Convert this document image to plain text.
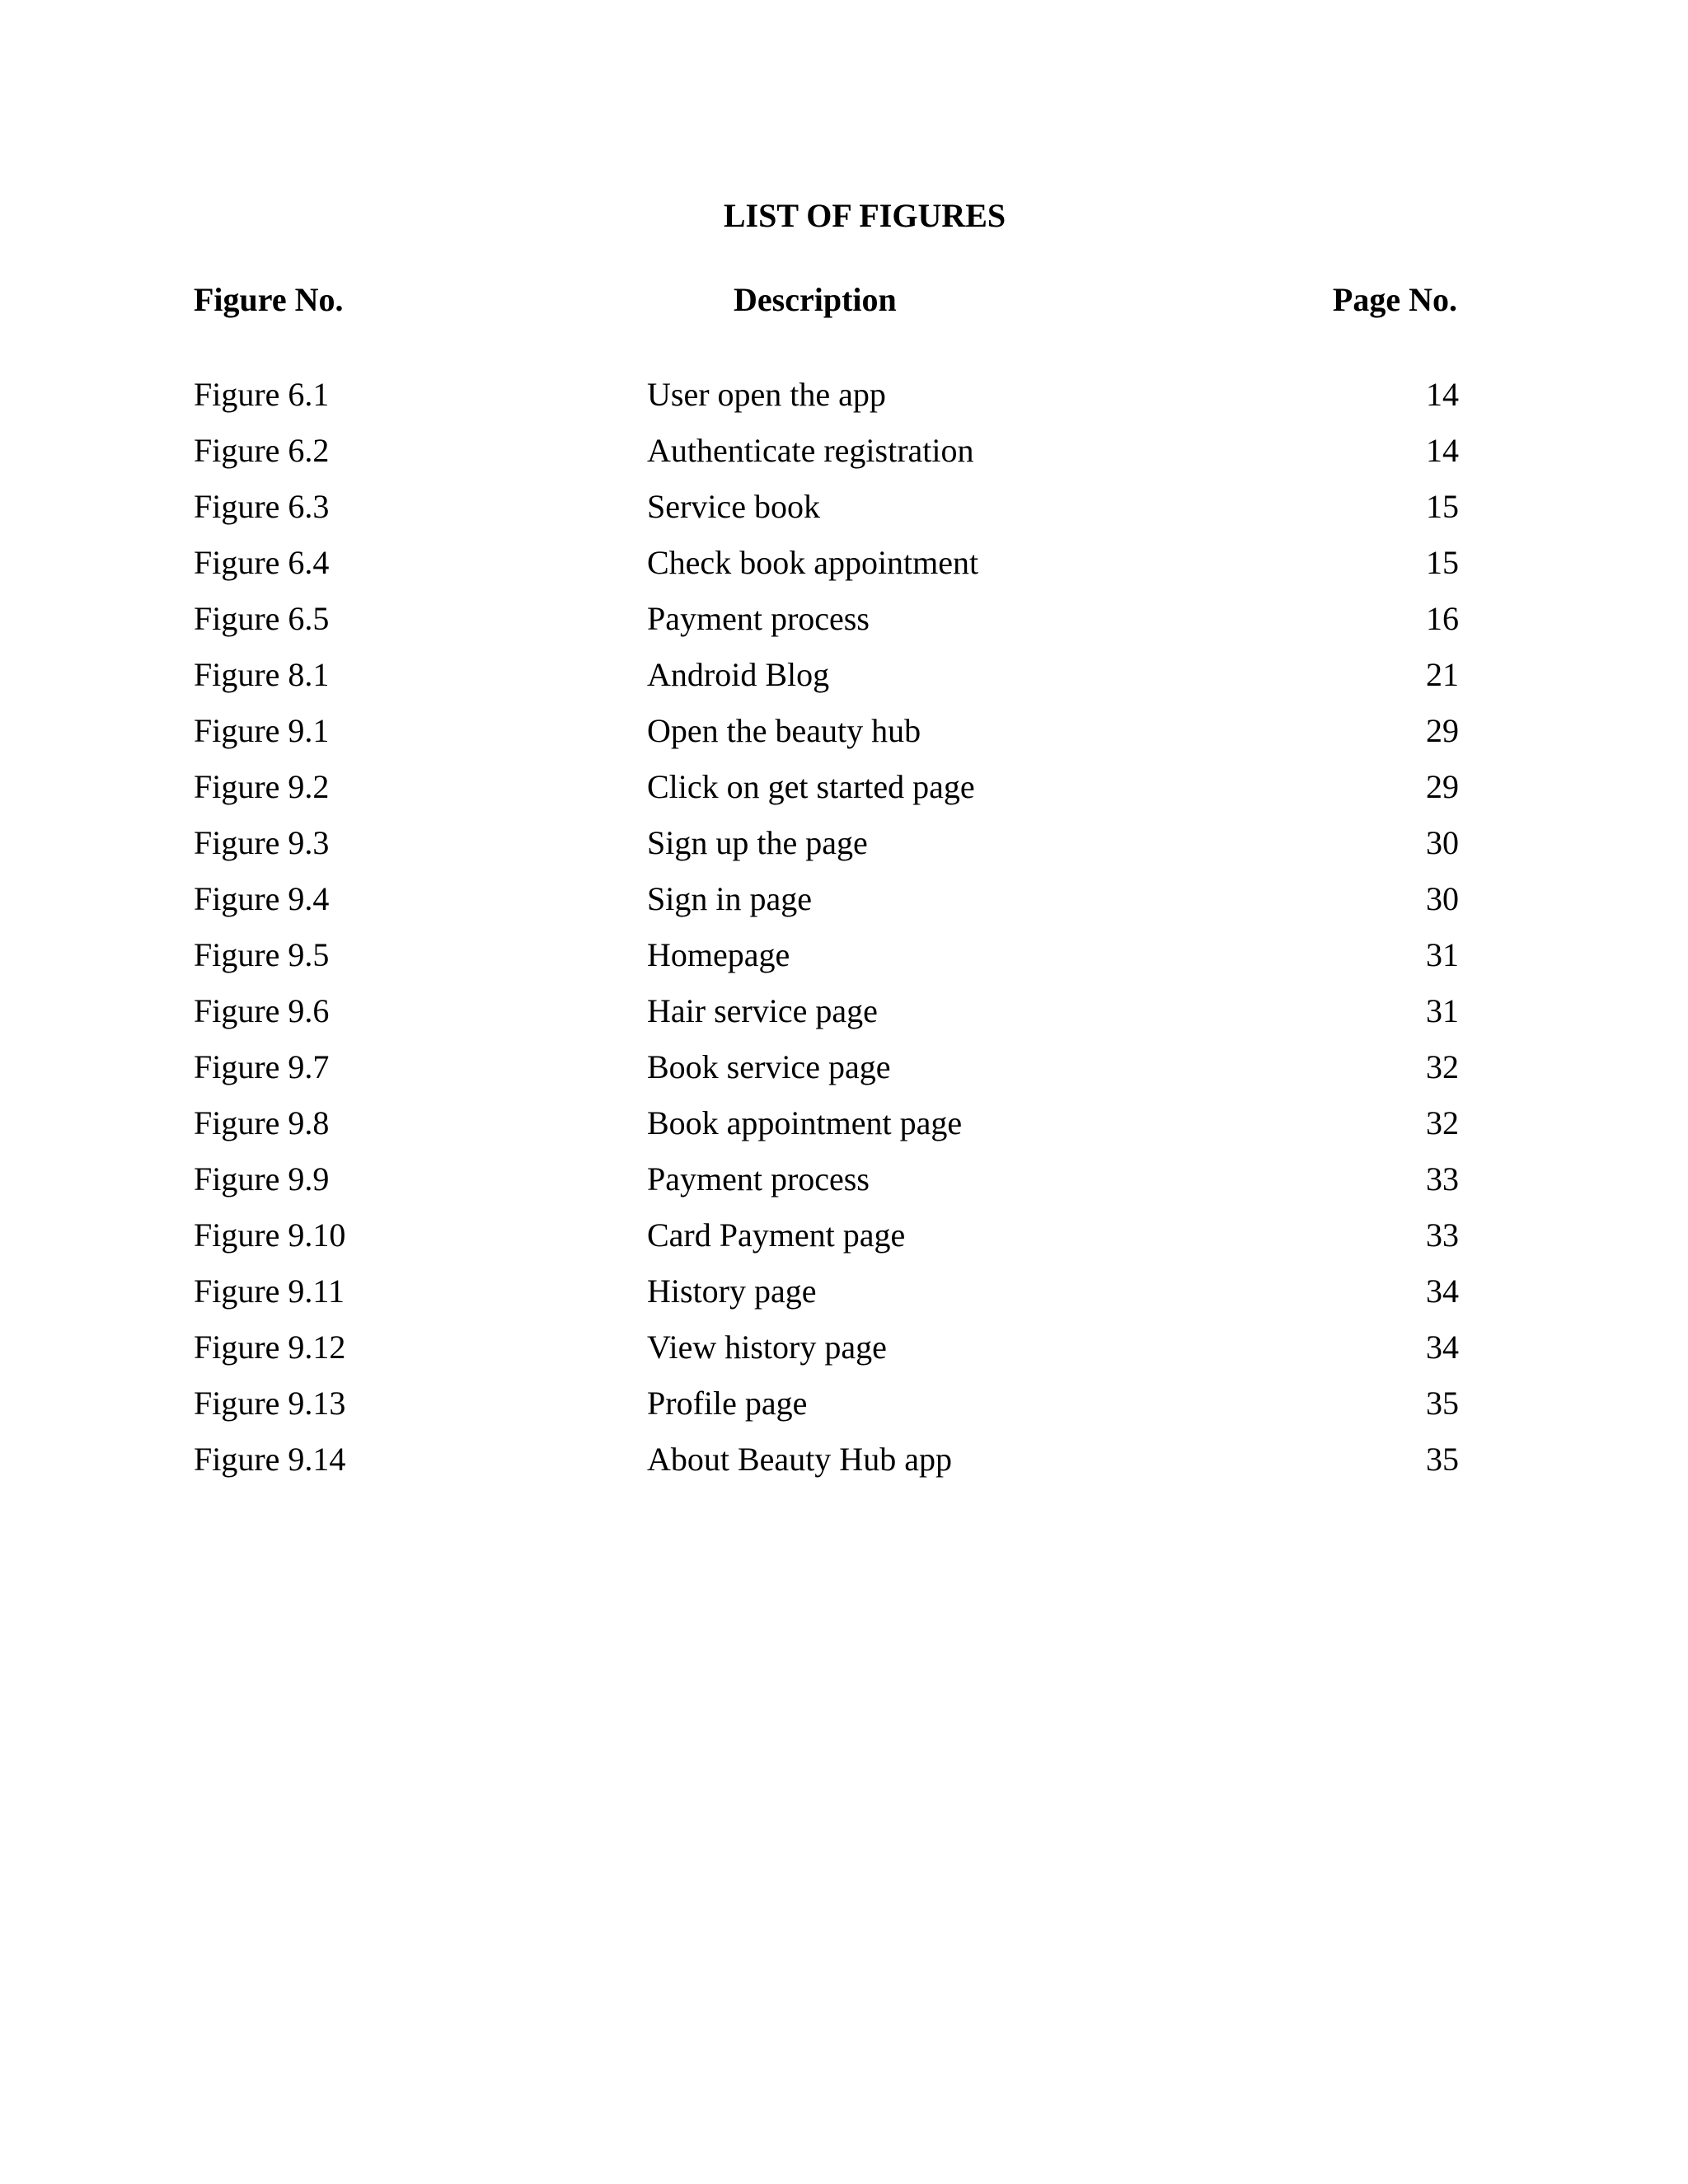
LIST OF FIGURES
Figure No.	Description	Page No.
Figure 6.1	User open the app	14
Figure 6.2	Authenticate registration	14
Figure 6.3	Service book	15
Figure 6.4	Check book appointment	15
Figure 6.5	Payment process	16
Figure 8.1	Android Blog	21
Figure 9.1	Open the beauty hub	29
Figure 9.2	Click on get started page	29
Figure 9.3	Sign up the page	30
Figure 9.4	Sign in page	30
Figure 9.5	Homepage	31
Figure 9.6	Hair service page	31
Figure 9.7	Book service page	32
Figure 9.8	Book appointment page	32
Figure 9.9	Payment process	33
Figure 9.10	Card Payment page	33
Figure 9.11	History page	34
Figure 9.12	View history page	34
Figure 9.13	Profile page	35
Figure 9.14	About Beauty Hub app	35
